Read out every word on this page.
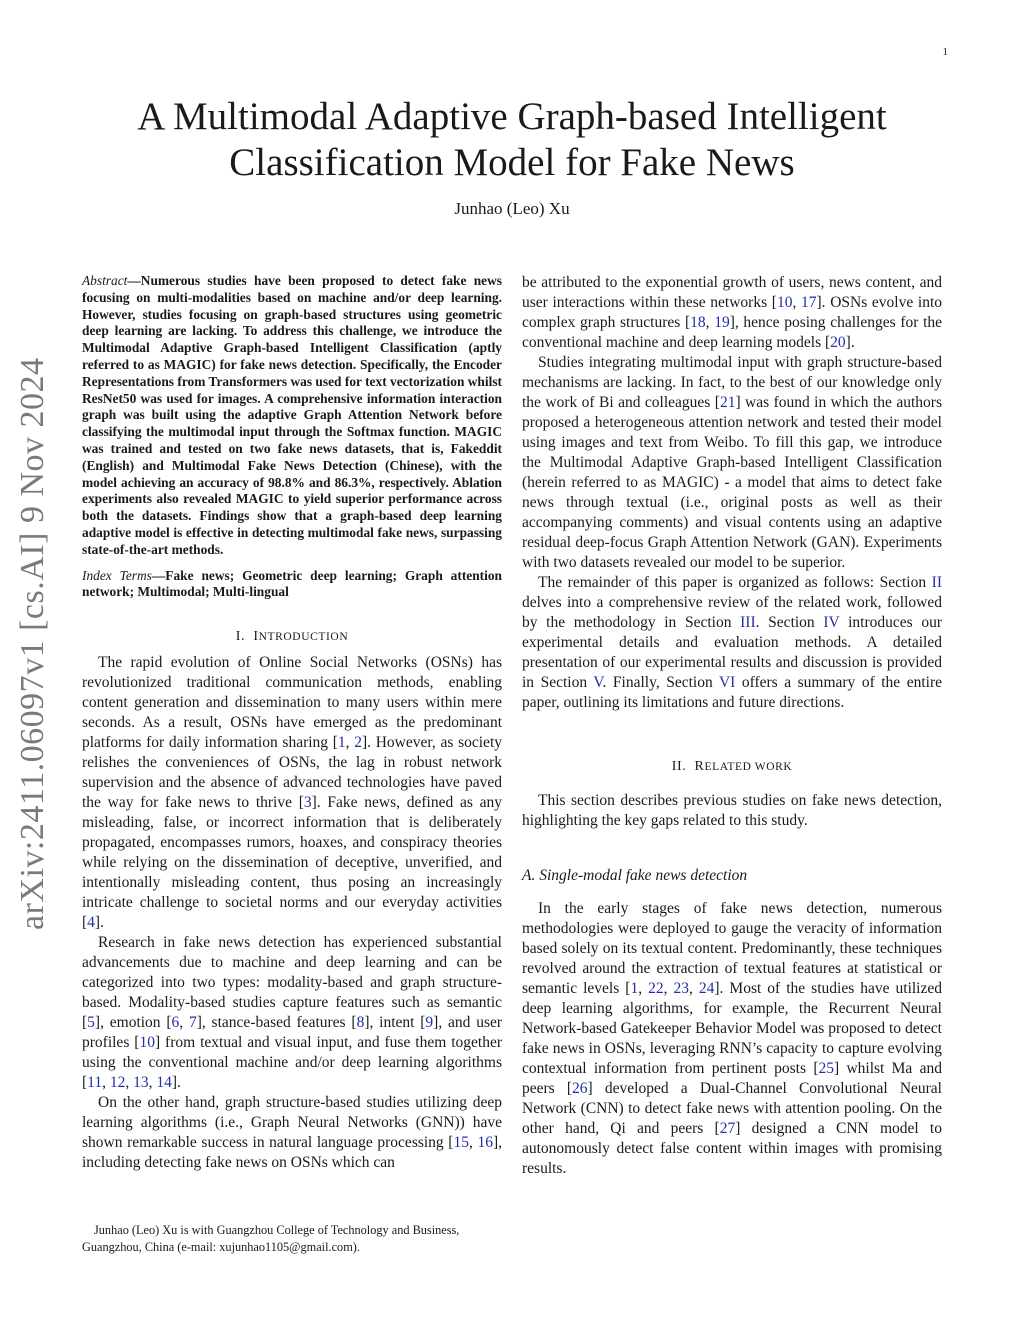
1
arXiv:2411.06097v1 [cs.AI] 9 Nov 2024
A Multimodal Adaptive Graph-based Intelligent
Classification Model for Fake News
Junhao (Leo) Xu

Abstract—Numerous studies have been proposed to detect fake news focusing on multi-modalities based on machine and/or deep learning. However, studies focusing on graph-based structures using geometric deep learning are lacking. To address this challenge, we introduce the Multimodal Adaptive Graph-based Intelligent Classification (aptly referred to as MAGIC) for fake news detection. Specifically, the Encoder Representations from Transformers was used for text vectorization whilst ResNet50 was used for images. A comprehensive information interaction graph was built using the adaptive Graph Attention Network before classifying the multimodal input through the Softmax function. MAGIC was trained and tested on two fake news datasets, that is, Fakeddit (English) and Multimodal Fake News Detection (Chinese), with the model achieving an accuracy of 98.8% and 86.3%, respectively. Ablation experiments also revealed MAGIC to yield superior performance across both the datasets. Findings show that a graph-based deep learning adaptive model is effective in detecting multimodal fake news, surpassing state-of-the-art methods.

Index Terms—Fake news; Geometric deep learning; Graph attention network; Multimodal; Multi-lingual

I. INTRODUCTION

The rapid evolution of Online Social Networks (OSNs) has revolutionized traditional communication methods, enabling content generation and dissemination to many users within mere seconds. As a result, OSNs have emerged as the predominant platforms for daily information sharing [1, 2]. However, as society relishes the conveniences of OSNs, the lag in robust network supervision and the absence of advanced technologies have paved the way for fake news to thrive [3]. Fake news, defined as any misleading, false, or incorrect information that is deliberately propagated, encompasses rumors, hoaxes, and conspiracy theories while relying on the dissemination of deceptive, unverified, and intentionally misleading content, thus posing an increasingly intricate challenge to societal norms and our everyday activities [4].

Research in fake news detection has experienced substantial advancements due to machine and deep learning and can be categorized into two types: modality-based and graph structure-based. Modality-based studies capture features such as semantic [5], emotion [6, 7], stance-based features [8], intent [9], and user profiles [10] from textual and visual input, and fuse them together using the conventional machine and/or deep learning algorithms [11, 12, 13, 14].

On the other hand, graph structure-based studies utilizing deep learning algorithms (i.e., Graph Neural Networks (GNN)) have shown remarkable success in natural language processing [15, 16], including detecting fake news on OSNs which can

Junhao (Leo) Xu is with Guangzhou College of Technology and Business, Guangzhou, China (e-mail: xujunhao1105@gmail.com).

be attributed to the exponential growth of users, news content, and user interactions within these networks [10, 17]. OSNs evolve into complex graph structures [18, 19], hence posing challenges for the conventional machine and deep learning models [20].

Studies integrating multimodal input with graph structure-based mechanisms are lacking. In fact, to the best of our knowledge only the work of Bi and colleagues [21] was found in which the authors proposed a heterogeneous attention network and tested their model using images and text from Weibo. To fill this gap, we introduce the Multimodal Adaptive Graph-based Intelligent Classification (herein referred to as MAGIC) - a model that aims to detect fake news through textual (i.e., original posts as well as their accompanying comments) and visual contents using an adaptive residual deep-focus Graph Attention Network (GAN). Experiments with two datasets revealed our model to be superior.

The remainder of this paper is organized as follows: Section II delves into a comprehensive review of the related work, followed by the methodology in Section III. Section IV introduces our experimental details and evaluation methods. A detailed presentation of our experimental results and discussion is provided in Section V. Finally, Section VI offers a summary of the entire paper, outlining its limitations and future directions.

II. RELATED WORK

This section describes previous studies on fake news detection, highlighting the key gaps related to this study.

A. Single-modal fake news detection

In the early stages of fake news detection, numerous methodologies were deployed to gauge the veracity of information based solely on its textual content. Predominantly, these techniques revolved around the extraction of textual features at statistical or semantic levels [1, 22, 23, 24]. Most of the studies have utilized deep learning algorithms, for example, the Recurrent Neural Network-based Gatekeeper Behavior Model was proposed to detect fake news in OSNs, leveraging RNN’s capacity to capture evolving contextual information from pertinent posts [25] whilst Ma and peers [26] developed a Dual-Channel Convolutional Neural Network (CNN) to detect fake news with attention pooling. On the other hand, Qi and peers [27] designed a CNN model to autonomously detect false content within images with promising results.
